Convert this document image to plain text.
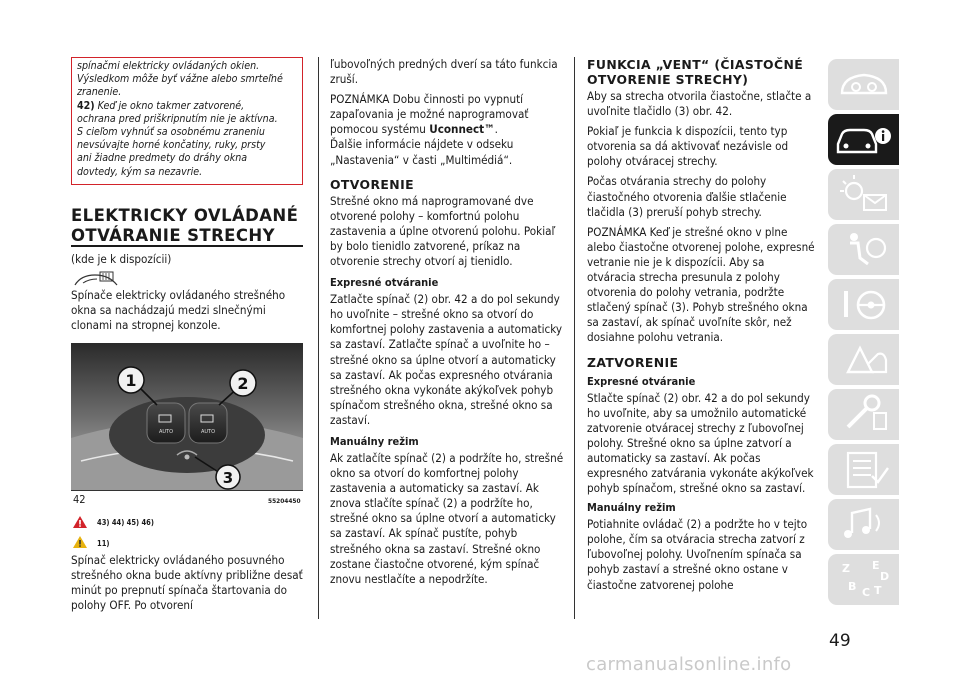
spínačmi elektricky ovládaných okien.
Výsledkom môže byť vážne alebo smrteľné
zranenie.
42) Keď je okno takmer zatvorené,
ochrana pred priškripnutím nie je aktívna.
S cieľom vyhnúť sa osobnému zraneniu
nevsúvajte horné končatiny, ruky, prsty
ani žiadne predmety do dráhy okna
dovtedy, kým sa nezavrie.
ELEKTRICKY OVLÁDANÉ
OTVÁRANIE STRECHY
(kde je k dispozícii)
Spínače elektricky ovládaného strešného okna sa nachádzajú medzi slnečnými clonami na stropnej konzole.
AUTO	AUTO
1	2
3
42	55204450
43) 44) 45) 46)
11)
Spínač elektricky ovládaného posuvného strešného okna bude aktívny približne desať minút po prepnutí spínača štartovania do polohy OFF. Po otvorení

ľubovoľných predných dverí sa táto funkcia zruší.

POZNÁMKA Dobu činnosti po vypnutí zapaľovania je možné naprogramovať pomocou systému Uconnect™.

Ďalšie informácie nájdete v odseku „Nastavenia“ v časti „Multimédiá“.

OTVORENIE

Strešné okno má naprogramované dve otvorené polohy – komfortnú polohu zastavenia a úplne otvorenú polohu. Pokiaľ by bolo tienidlo zatvorené, príkaz na otvorenie strechy otvorí aj tienidlo.

Expresné otváranie

Zatlačte spínač (2) obr. 42 a do pol sekundy ho uvoľnite – strešné okno sa otvorí do komfortnej polohy zastavenia a automaticky sa zastaví. Zatlačte spínač a uvoľnite ho – strešné okno sa úplne otvorí a automaticky sa zastaví. Ak počas expresného otvárania strešného okna vykonáte akýkoľvek pohyb spínačom strešného okna, strešné okno sa zastaví.

Manuálny režim

Ak zatlačíte spínač (2) a podržíte ho, strešné okno sa otvorí do komfortnej polohy zastavenia a automaticky sa zastaví. Ak znova stlačíte spínač (2) a podržíte ho, strešné okno sa úplne otvorí a automaticky sa zastaví. Ak spínač pustíte, pohyb strešného okna sa zastaví. Strešné okno zostane čiastočne otvorené, kým spínač znovu nestlačíte a nepodržíte.

FUNKCIA „VENT“ (ČIASTOČNÉ
OTVORENIE STRECHY)

Aby sa strecha otvorila čiastočne, stlačte a uvoľnite tlačidlo (3) obr. 42.

Pokiaľ je funkcia k dispozícii, tento typ otvorenia sa dá aktivovať nezávisle od polohy otváracej strechy.

Počas otvárania strechy do polohy čiastočného otvorenia ďalšie stlačenie tlačidla (3) preruší pohyb strechy.

POZNÁMKA Keď je strešné okno v plne alebo čiastočne otvorenej polohe, expresné vetranie nie je k dispozícii. Aby sa otváracia strecha presunula z polohy otvorenia do polohy vetrania, podržte stlačený spínač (3). Pohyb strešného okna sa zastaví, ak spínač uvoľníte skôr, než dosiahne polohu vetrania.

ZATVORENIE
Expresné otváranie

Stlačte spínač (2) obr. 42 a do pol sekundy ho uvoľnite, aby sa umožnilo automatické zatvorenie otváracej strechy z ľubovoľnej polohy. Strešné okno sa úplne zatvorí a automaticky sa zastaví. Ak počas expresného zatvárania vykonáte akýkoľvek pohyb spínačom, strešné okno sa zastaví.

Manuálny režim

Potiahnite ovládač (2) a podržte ho v tejto polohe, čím sa otváracia strecha zatvorí z ľubovoľnej polohy. Uvoľnením spínača sa pohyb zastaví a strešné okno ostane v čiastočne zatvorenej polohe

Z E
B C T
D
49
carmanualsonline.info
